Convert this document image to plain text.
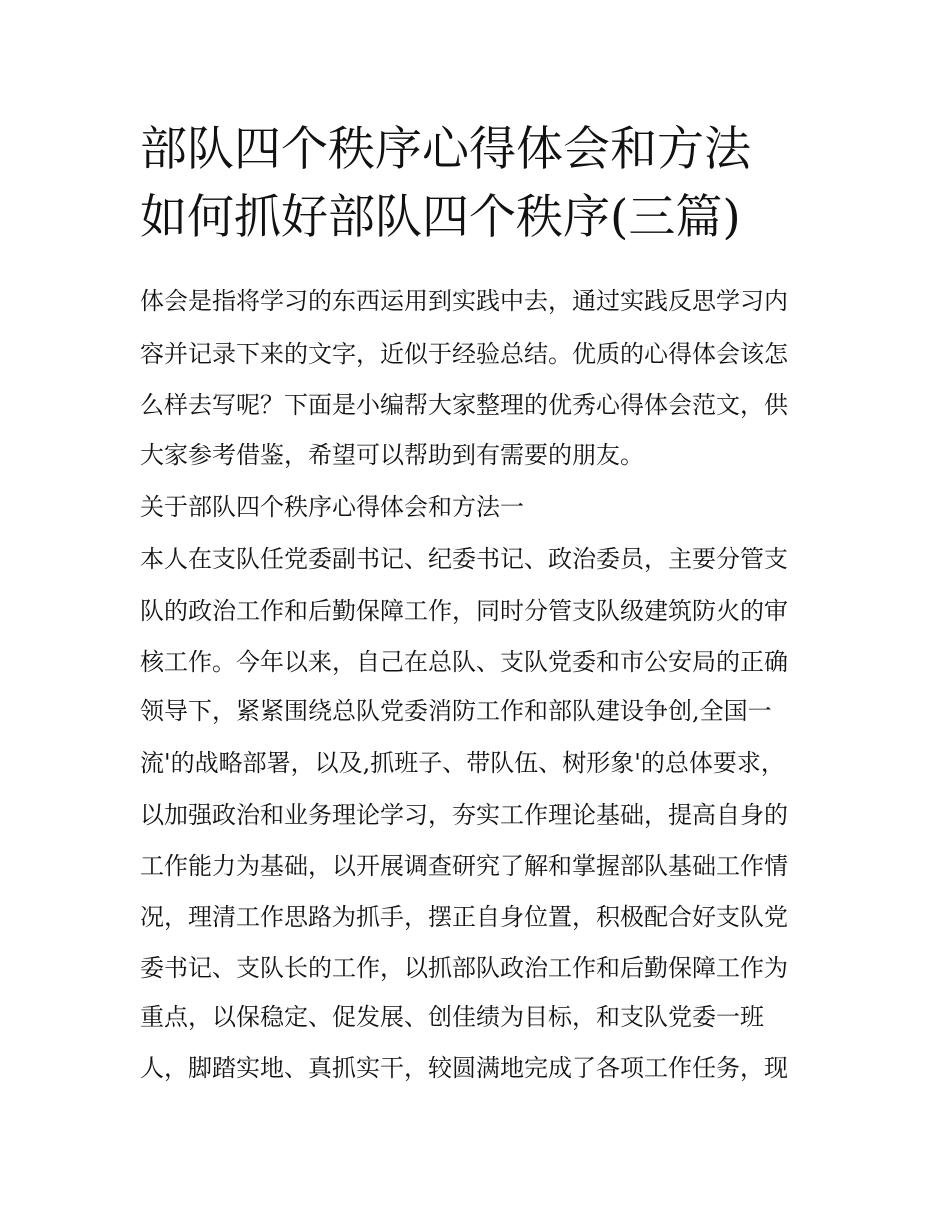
部队四个秩序心得体会和方法
如何抓好部队四个秩序(三篇)

体会是指将学习的东西运用到实践中去，通过实践反思学习内

容并记录下来的文字，近似于经验总结。优质的心得体会该怎

么样去写呢？下面是小编帮大家整理的优秀心得体会范文，供

大家参考借鉴，希望可以帮助到有需要的朋友。

关于部队四个秩序心得体会和方法一

本人在支队任党委副书记、纪委书记、政治委员，主要分管支

队的政治工作和后勤保障工作，同时分管支队级建筑防火的审

核工作。今年以来，自己在总队、支队党委和市公安局的正确

领导下，紧紧围绕总队党委消防工作和部队建设争创,全国一

流'的战略部署，以及,抓班子、带队伍、树形象'的总体要求，

以加强政治和业务理论学习，夯实工作理论基础，提高自身的

工作能力为基础，以开展调查研究了解和掌握部队基础工作情

况，理清工作思路为抓手，摆正自身位置，积极配合好支队党

委书记、支队长的工作，以抓部队政治工作和后勤保障工作为

重点，以保稳定、促发展、创佳绩为目标，和支队党委一班

人，脚踏实地、真抓实干，较圆满地完成了各项工作任务，现
